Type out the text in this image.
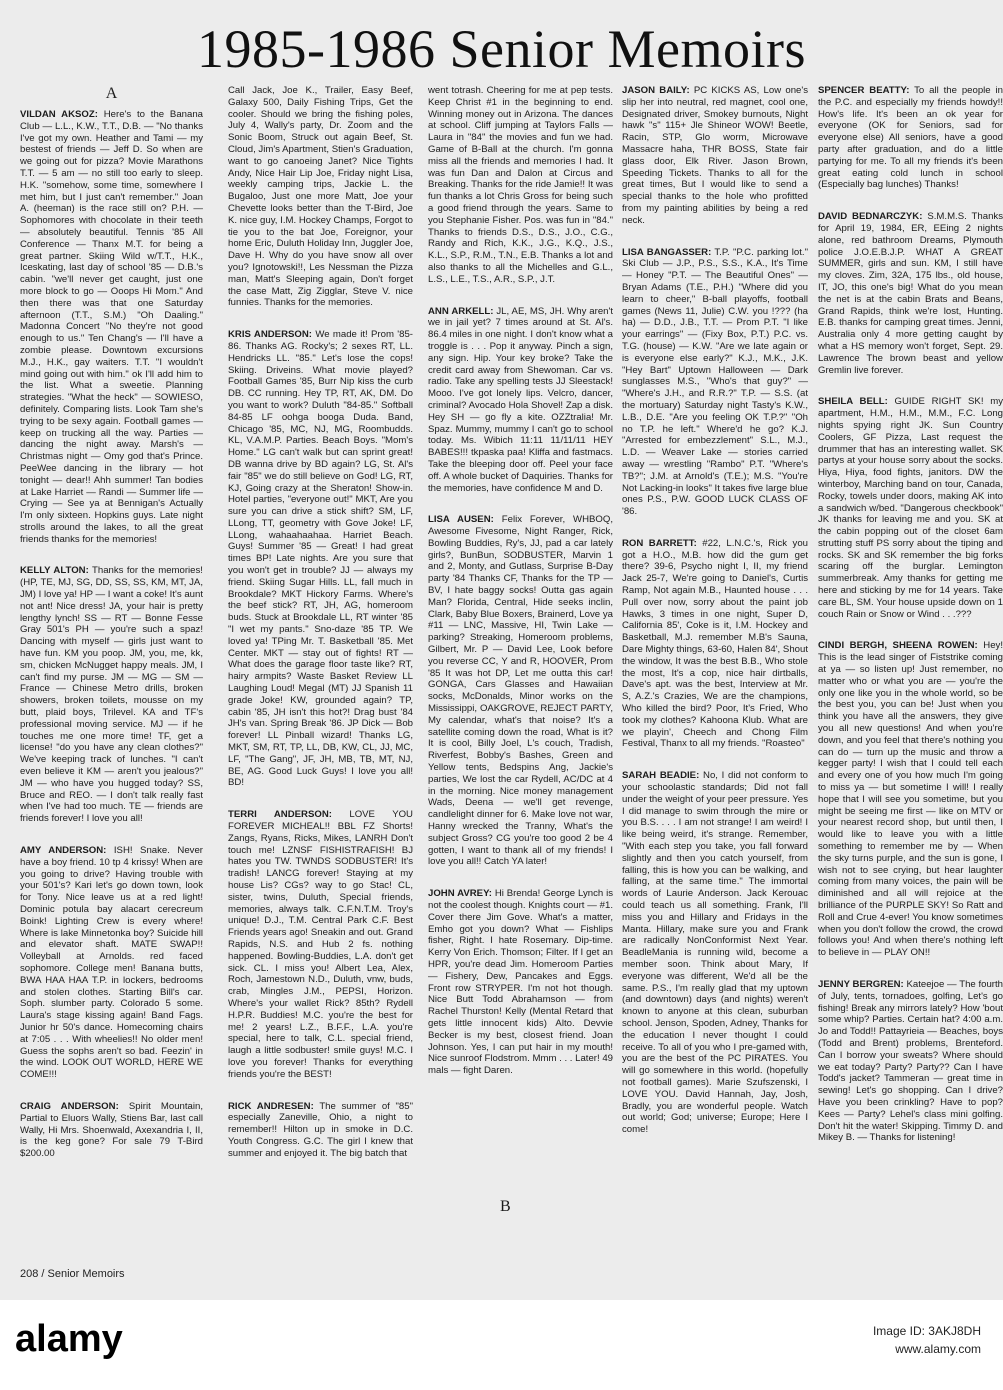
1985-1986 Senior Memoirs
A

VILDAN AKSOZ: Here's to the Banana Club — L.L., K.W., T.T., D.B. — "No thanks I've got my own. Heather and Tami — my bestest of friends — Jeff D. So when are we going out for pizza? Movie Marathons T.T. — 5 am — no still too early to sleep. H.K. "somehow, some time, somewhere I met him, but I just can't remember." Joan A. (heeman) is the race still on? P.H. — Sophomores with chocolate in their teeth — absolutely beautiful. Tennis '85 All Conference — Thanx M.T. for being a great partner. Skiing Wild w/T.T., H.K., Iceskating, last day of school '85 — D.B.'s cabin. "we'll never get caught, just one more block to go — Ooops Hi Mom." And then there was that one Saturday afternoon (T.T., S.M.) "Oh Daaling." Madonna Concert "No they're not good enough to us." Ten Chang's — I'll have a zombie please. Downtown excursions M.J., H.K., gay waiters. T.T. "I wouldn't mind going out with him." ok I'll add him to the list. What a sweetie. Planning strategies. "What the heck" — SOWIESO, definitely. Comparing lists. Look Tam she's trying to be sexy again. Football games — keep on trucking all the way. Parties — dancing the night away. Marsh's — Christmas night — Omy god that's Prince. PeeWee dancing in the library — hot tonight — dear!! Ahh summer! Tan bodies at Lake Harriet — Randi — Summer life — Crying — See ya at Bennigan's Actually I'm only sixteen. Hopkins guys. Late night strolls around the lakes, to all the great friends thanks for the memories!

KELLY ALTON: Thanks for the memories! (HP, TE, MJ, SG, DD, SS, SS, KM, MT, JA, JM) I love ya! HP — I want a coke! It's aunt not ant! Nice dress! JA, your hair is pretty lengthy lynch! SS — RT — Bonne Fesse Gray 501's PH — you're such a spaz! Dancing with myself — girls just want to have fun. KM you poop. JM, you, me, kk, sm, chicken McNugget happy meals. JM, I can't find my purse. JM — MG — SM — France — Chinese Metro drills, broken showers, broken toilets, mousse on my butt, plaid boys, Trilevel. KA and TF's professional moving service. MJ — if he touches me one more time! TF, get a license! "do you have any clean clothes?" We've keeping track of lunches. "I can't even believe it KM — aren't you jealous?" JM — who have you hugged today? SS, Bruce and REO. — I don't talk really fast when I've had too much. TE — friends are friends forever! I love you all!

AMY ANDERSON: ISH! Snake. Never have a boy friend. 10 tp 4 krissy! When are you going to drive? Having trouble with your 501's? Kari let's go down town, look for Tony. Nice leave us at a red light! Dominic potula bay alacart cerecreum Boink! Lighting Crew is every where! Where is lake Minnetonka boy? Suicide hill and elevator shaft. MATE SWAP!! Volleyball at Arnolds. red faced sophomore. College men! Banana butts, BWA HAA HAA T.P. in lockers, bedrooms and stolen clothes. Starting Bill's car. Soph. slumber party. Colorado 5 some. Laura's stage kissing again! Band Fags. Junior hr 50's dance. Homecoming chairs at 7:05 . . . With wheelies!! No older men! Guess the sophs aren't so bad. Feezin' in the wind. LOOK OUT WORLD, HERE WE COME!!!

CRAIG ANDERSON: Spirit Mountain, Partial to Eluors Wally, Stiens Bar, last call Wally, Hi Mrs. Shoenwald, Axexandria I, II, is the keg gone? For sale 79 T-Bird $200.00

Call Jack, Joe K., Trailer, Easy Beef, Galaxy 500, Daily Fishing Trips, Get the cooler. Should we bring the fishing poles, July 4, Wally's party, Dr. Zoom and the Sonic Boom, Struck out again Beef, St. Cloud, Jim's Apartment, Stien's Graduation, want to go canoeing Janet? Nice Tights Andy, Nice Hair Lip Joe, Friday night Lisa, weekly camping trips, Jackie L. the Bugaloo, Just one more Matt, Joe your Chevette looks better than the T-Bird, Joe K. nice guy, I.M. Hockey Champs, Forgot to tie you to the bat Joe, Foreignor, your home Eric, Duluth Holiday Inn, Juggler Joe, Dave H. Why do you have snow all over you? Ignotowski!!, Les Nessman the Pizza man, Matt's Sleeping again, Don't forget the case Matt, Zig Zigglar, Steve V. nice funnies. Thanks for the memories.

KRIS ANDERSON: We made it! Prom '85-86. Thanks AG. Rocky's; 2 sexes RT, LL. Hendricks LL. "85." Let's lose the cops! Skiing. Driveins. What movie played? Football Games '85, Burr Nip kiss the curb DB. CC running. Hey TP, RT, AK, DM. Do you want to work? Duluth "84-85." Softball 84-85 LF oohga booga Duda. Band, Chicago '85, MC, NJ, MG, Roombudds. KL, V.A.M.P. Parties. Beach Boys. "Mom's Home." LG can't walk but can sprint great! DB wanna drive by BD again? LG, St. Al's fair "85" we do still believe on God! LG, RT, KJ, Going crazy at the Sheraton! Show-in. Hotel parties, "everyone out!" MKT, Are you sure you can drive a stick shift? SM, LF, LLong, TT, geometry with Gove Joke! LF, LLong, wahaahaahaa. Harriet Beach. Guys! Summer '85 — Great! I had great times BP! Late nights. Are you sure that you won't get in trouble? JJ — always my friend. Skiing Sugar Hills. LL, fall much in Brookdale? MKT Hickory Farms. Where's the beef stick? RT, JH, AG, homeroom buds. Stuck at Brookdale LL, RT winter '85 "I wet my pants." Sno-daze '85 TP. We loved ya! TPing Mr. T. Basketball '85. Met Center. MKT — stay out of fights! RT — What does the garage floor taste like? RT, hairy armpits? Waste Basket Review LL Laughing Loud! Megal (MT) JJ Spanish 11 grade Joke! KW, grounded again? TP, cabin '85, JH isn't this hot?! Drag bust '84 JH's van. Spring Break '86. JP Dick — Bob forever! LL Pinball wizard! Thanks LG, MKT, SM, RT, TP, LL, DB, KW, CL, JJ, MC, LF, "The Gang", JF, JH, MB, TB, MT, NJ, BE, AG. Good Luck Guys! I love you all! BD!

TERRI ANDERSON: LOVE YOU FOREVER MICHEAL!! BBL FZ Shorts! Zangs, Ryans, Ricks, Mikes, LANRH Don't touch me! LZNSF FISHISTRAFISH! BJ hates you TW. TWNDS SODBUSTER! It's tradish! LANCG forever! Staying at my house Lis? CGs? way to go Stac! CL, sister, twins, Duluth, Special friends, memories, always talk. C.F.N.T.M. Troy's unique! D.J., T.M. Central Park C.F. Best Friends years ago! Sneakin and out. Grand Rapids, N.S. and Hub 2 fs. nothing happened. Bowling-Buddies, L.A. don't get sick. CL. I miss you! Albert Lea, Alex, Roch, Jamestown N.D., Duluth, vnw, buds, crab, Mingles J.M., PEPSI, Horizon. Where's your wallet Rick? 85th? Rydell H.P.R. Buddies! M.C. you're the best for me! 2 years! L.Z., B.F.F., L.A. you're special, here to talk, C.L. special friend, laugh a little sodbuster! smile guys! M.C. I love you forever! Thanks for everything friends you're the BEST!

RICK ANDRESEN: The summer of "85" especially Zaneville, Ohio, a night to remember!! Hilton up in smoke in D.C. Youth Congress. G.C. The girl I knew that summer and enjoyed it. The big batch that

went totrash. Cheering for me at pep tests. Keep Christ #1 in the beginning to end. Winning money out in Arizona. The dances at school. Cliff jumping at Taylors Falls — Laura in "84" the movies and fun we had. Game of B-Ball at the church. I'm gonna miss all the friends and memories I had. It was fun Dan and Dalon at Circus and Breaking. Thanks for the ride Jamie!! It was fun thanks a lot Chris Gross for being such a good friend through the years. Same to you Stephanie Fisher. Pos. was fun in "84." Thanks to friends D.S., D.S., J.O., C.G., Randy and Rich, K.K., J.G., K.Q., J.S., K.L., S.P., R.M., T.N., E.B. Thanks a lot and also thanks to all the Michelles and G.L., L.S., L.E., T.S., A.R., S.P., J.T.

ANN ARKELL: JL, AE, MS, JH. Why aren't we in jail yet? 7 times around at St. Al's. 86.4 miles in one night. I don't know what a troggle is . . . Pop it anyway. Pinch a sign, any sign. Hip. Your key broke? Take the credit card away from Shewoman. Car vs. radio. Take any spelling tests JJ Sleestack! Mooo. I've got lonely lips. Velcro, dancer, criminal? Avocado Hola Shovel! Zap a disk. Hey SH — go fly a kite. OZZtralia! Mr. Spaz. Mummy, mummy I can't go to school today. Ms. Wibich 11:11 11/11/11 HEY BABES!!! tkpaska paa! Kliffa and fastmacs. Take the bleeping door off. Peel your face off. A whole bucket of Daquiries. Thanks for the memories, have confidence M and D.

LISA AUSEN: Felix Forever, WHBOQ, Awesome Fivesome, Night Ranger, Rick, Bowling Buddies, Ry's, JJ, pad a car lately girls?, BunBun, SODBUSTER, Marvin 1 and 2, Monty, and Gutlass, Surprise B-Day party '84 Thanks CF, Thanks for the TP — BV, I hate baggy socks! Outta gas again Man? Florida, Central, Hide seeks inclin, Clark, Baby Blue Boxers, Brainerd, Love ya #11 — LNC, Massive, HI, Twin Lake — parking? Streaking, Homeroom problems, Gilbert, Mr. P — David Lee, Look before you reverse CC, Y and R, HOOVER, Prom '85 It was hot DP, Let me outta this car! GONGA, Cars Glasses and Hawaiian socks, McDonalds, Minor works on the Mississippi, OAKGROVE, REJECT PARTY, My calendar, what's that noise? It's a satellite coming down the road, What is it? It is cool, Billy Joel, L's couch, Tradish, Riverfest, Bobby's Bashes, Green and Yellow tents, Bedspins Ang, Jackie's parties, We lost the car Rydell, AC/DC at 4 in the morning. Nice money management Wads, Deena — we'll get revenge, candlelight dinner for 6. Make love not war, Hanny wrecked the Tranny, What's the subject Gross? CG you're too good 2 be 4 gotten, I want to thank all of my friends! I love you all!! Catch YA later!

JOHN AVREY: Hi Brenda! George Lynch is not the coolest though. Knights court — #1. Cover there Jim Gove. What's a matter, Emho got you down? What — Fishlips fisher, Right. I hate Rosemary. Dip-time. Kerry Von Erich. Thomson; Filter. If I get an HPR, you're dead Jim. Homeroom Parties — Fishery, Dew, Pancakes and Eggs. Front row STRYPER. I'm not hot though. Nice Butt Todd Abrahamson — from Rachel Thurston! Kelly (Mental Retard that gets little innocent kids) Alto. Devvie Becker is my best, closest friend. Joan Johnson. Yes, I can put hair in my mouth! Nice sunroof Flodstrom. Mmm . . . Later! 49 mals — fight Daren.

JASON BAILY: PC KICKS AS, Low one's slip her into neutral, red magnet, cool one, Designated driver, Smokey burnouts, Night hawk "s" 115+ Jle Shineor WOW! Beetle, Racin, STP, Glo worm, Microwave Massacre haha, THR BOSS, State fair glass door, Elk River. Jason Brown, Speeding Tickets. Thanks to all for the great times, But I would like to send a special thanks to the hole who profitted from my painting abilities by being a red neck.

LISA BANGASSER: T.P. "P.C. parking lot." Ski Club — J.P., P.S., S.S., K.A., It's Time — Honey "P.T. — The Beautiful Ones" — Bryan Adams (T.E., P.H.) "Where did you learn to cheer," B-ball playoffs, football games (News 11, Julie) C.W. you !??? (ha ha) — D.D., J.B., T.T. — Prom P.T. "I like your earrings" — (Fixy Box, P.T.) P.C. vs. T.G. (house) — K.W. "Are we late again or is everyone else early?" K.J., M.K., J.K. "Hey Bart" Uptown Halloween — Dark sunglasses M.S., "Who's that guy?" — "Where's J.H., and R.R.?" T.P. — S.S. (at the mortuary) Saturday night Tasty's K.W., L.B., D.E. "Are you feeling OK T.P.?" "Oh no T.P. he left." Where'd he go? K.J. "Arrested for embezzlement" S.L., M.J., L.D. — Weaver Lake — stories carried away — wrestling "Rambo" P.T. "Where's TB?"; J.M. at Arnold's (T.E.); M.S. "You're Not Lacking-in looks" It takes five large blue ones P.S., P.W. GOOD LUCK CLASS OF '86.

RON BARRETT: #22, L.N.C.'s, Rick you got a H.O., M.B. how did the gum get there? 39-6, Psycho night I, II, my friend Jack 25-7, We're going to Daniel's, Curtis Ramp, Not again M.B., Haunted house . . . Pull over now, sorry about the paint job Hawks, 3 times in one night, Super D, California 85', Coke is it, I.M. Hockey and Basketball, M.J. remember M.B's Sauna, Dare Mighty things, 63-60, Halen 84', Shout the window, It was the best B.B., Who stole the most, It's a cop, nice hair dirtballs, Dave's apt. was the best, Interview at Mr. S, A.Z.'s Crazies, We are the champions, Who killed the bird? Poor, It's Fried, Who took my clothes? Kahoona Klub. What are we playin', Cheech and Chong Film Festival, Thanx to all my friends. "Roasteo"

SARAH BEADIE: No, I did not conform to your schoolastic standards; Did not fall under the weight of your peer pressure. Yes I did manage to swim through the mire or you B.S. . . . I am not strange! I am weird! I like being weird, it's strange. Remember, "With each step you take, you fall forward slightly and then you catch yourself, from falling, this is how you can be walking, and falling, at the same time." The immortal words of Laurie Anderson. Jack Kerouac could teach us all something. Frank, I'll miss you and Hillary and Fridays in the Manta. Hillary, make sure you and Frank are radically NonConformist Next Year. BeadleMania is running wild, become a member soon. Think about Mary, If everyone was different, We'd all be the same. P.S., I'm really glad that my uptown (and downtown) days (and nights) weren't known to anyone at this clean, suburban school. Jenson, Spoden, Adney, Thanks for the education I never thought I could receive. To all of you who I pre-gamed with, you are the best of the PC PIRATES. You will go somewhere in this world. (hopefully not football games). Marie Szufszenski, I LOVE YOU. David Hannah, Jay, Josh, Bradly, you are wonderful people. Watch out world; God; universe; Europe; Here I come!

SPENCER BEATTY: To all the people in the P.C. and especially my friends howdy!! How's life. It's been an ok year for everyone (OK for Seniors, sad for everyone else) All seniors, have a good party after graduation, and do a little partying for me. To all my friends it's been great eating cold lunch in school (Especially bag lunches) Thanks!

DAVID BEDNARCZYK: S.M.M.S. Thanks for April 19, 1984, ER, EEing 2 nights alone, red bathroom Dreams, Plymouth police J.O.E.B.J.P. WHAT A GREAT SUMMER, girls and sun. KM, I still have my cloves. Zim, 32A, 175 lbs., old house, IT, JO, this one's big! What do you mean the net is at the cabin Brats and Beans, Grand Rapids, think we're lost, Hunting. E.B. thanks for camping great times. Jenni, Australia only 4 more getting caught by what a HS memory won't forget, Sept. 29. Lawrence The brown beast and yellow Gremlin live forever.

SHEILA BELL: GUIDE RIGHT SK! my apartment, H.M., H.M., M.M., F.C. Long nights spying right JK. Sun Country Coolers, GF Pizza, Last request the drummer that has an interesting wallet. SK partys at your house sorry about the socks. Hiya, Hiya, food fights, janitors. DW the winterboy, Marching band on tour, Canada, Rocky, towels under doors, making AK into a sandwich w/bed. "Dangerous checkbook" JK thanks for leaving me and you. SK at the cabin popping out of the closet 6am strutting stuff PS sorry about the tiping and rocks. SK and SK remember the big forks scaring off the burglar. Lemington summerbreak. Amy thanks for getting me here and sticking by me for 14 years. Take care BL, SM. Your house upside down on 1 couch Rain or Snow or Wind . . .???

CINDI BERGH, SHEENA ROWEN: Hey! This is the lead singer of Fiststrike coming at ya — so listen up! Just remember, no matter who or what you are — you're the only one like you in the whole world, so be the best you, you can be! Just when you think you have all the answers, they give you all new questions! And when you're down, and you feel that there's nothing you can do — turn up the music and throw a kegger party! I wish that I could tell each and every one of you how much I'm going to miss ya — but sometime I will! I really hope that I will see you sometime, but you might be seeing me first — like on MTV or your nearest record shop, but until then, I would like to leave you with a little something to remember me by — When the sky turns purple, and the sun is gone, I wish not to see crying, but hear laughter coming from many voices, the pain will be diminished and all will rejoice at the brilliance of the PURPLE SKY! So Ratt and Roll and Crue 4-ever! You know sometimes when you don't follow the crowd, the crowd follows you! And when there's nothing left to believe in — PLAY ON!!

JENNY BERGREN: Kateejoe — The fourth of July, tents, tornadoes, golfing, Let's go fishing! Break any mirrors lately? How 'bout some whip? Parties. Certain hat? 4:00 a.m. Jo and Todd!! Pattayrieia — Beaches, boys (Todd and Brent) problems, Brenteford. Can I borrow your sweats? Where should we eat today? Party? Party?? Can I have Todd's jacket? Tammeran — great time in sewing! Let's go shopping. Can I drive? Have you been crinkling? Have to pop? Kees — Party? Lehel's class mini golfing. Don't hit the water! Skipping. Timmy D. and Mikey B. — Thanks for listening!

B
208 / Senior Memoirs
alamy	Image ID: 3AKJ8DH
www.alamy.com
